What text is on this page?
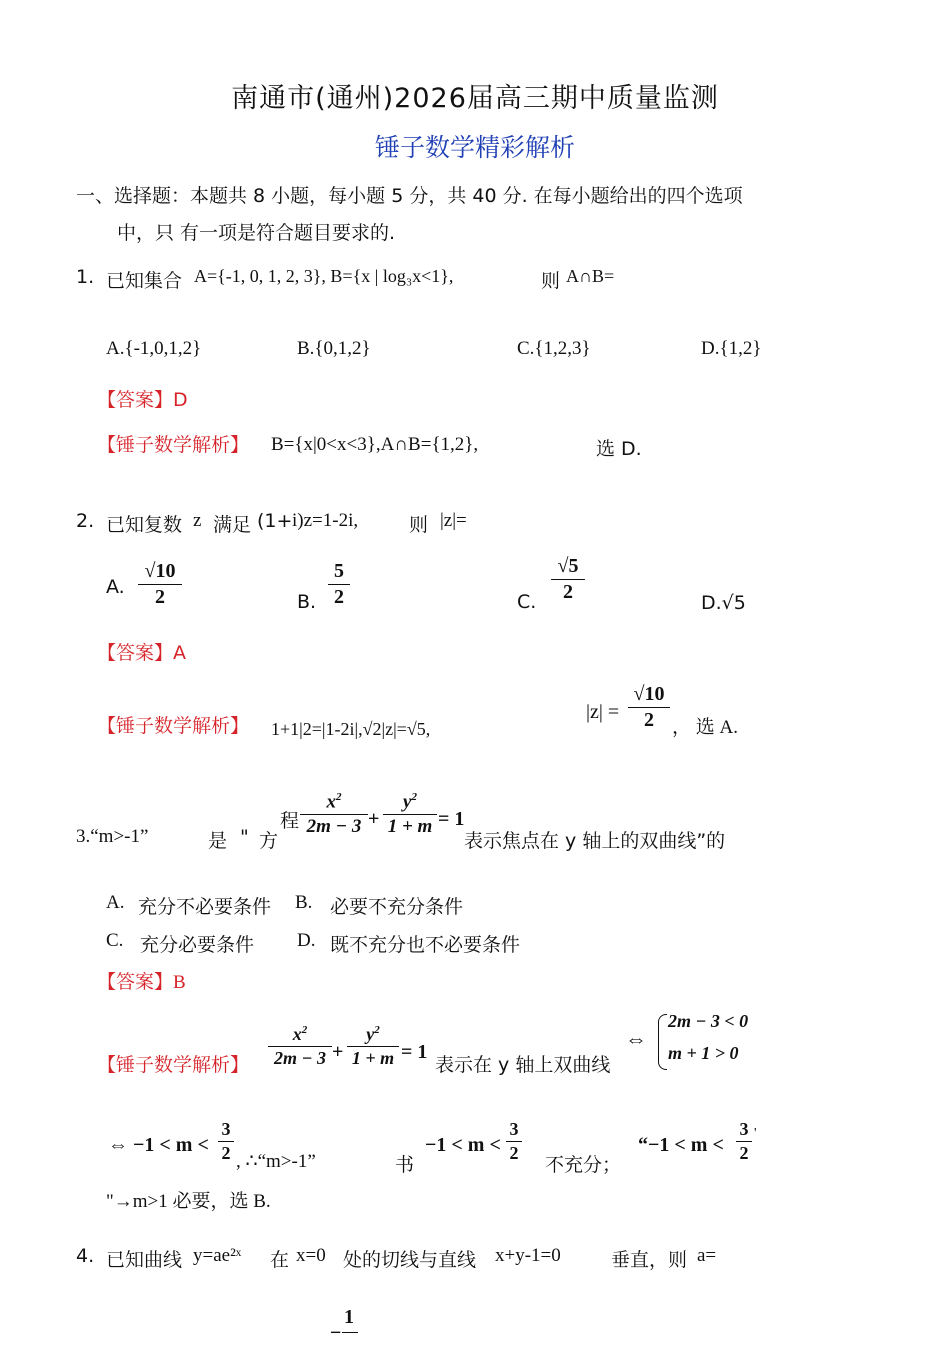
南通市(通州)2026届高三期中质量监测
锤子数学精彩解析
一、选择题：本题共 8 小题，每小题 5 分，共 40 分. 在每小题给出的四个选项
中，只 有一项是符合题目要求的.
1. 已知集合 A={-1, 0, 1, 2, 3}, B={x | log₃x<1},	则 A∩B=
A.{-1,0,1,2}	B.{0,1,2}	C.{1,2,3}	D.{1,2}
【答案】D
【锤子数学解析】 B={x|0<x<3},A∩B={1,2},	选 D.
2. 已知复数 z 满足 (1+ i)z=1-2i,	则 |z|=
A.
√10
2	B.
5
2	C.
√5
2	D.√5
【答案】A
【锤子数学解析】 1+1|2=|1-2i|,√2|z|=√5,
|z| =
√10
2 ， 选 A.
3.“m>-1”	是 " 方
程
$x^2$
2m − 3 +
$y^2$
1 + m = 1
表示焦点在 y 轴上的双曲线”的
A. 充分不必要条件 B. 必要不充分条件
C. 充分必要条件 D. 既不充分也不必要条件
【答案】B
【锤子数学解析】
$x^2$
2m − 3 +
$y^2$
1 + m = 1
表示在 y 轴上双曲线
⇔
2m − 3 < 0
m + 1 > 0
⇔ −1 < m <
3
2 , ∴“m>-1”	书
−1 < m <
3
2
不充分；
“−1 < m <
3
2
'
"→m>1 必要，选 B.
4. 已知曲线 y=ae²ˣ 在 x=0 处的切线与直线 x+y-1=0	垂直，则 a=
−
1
